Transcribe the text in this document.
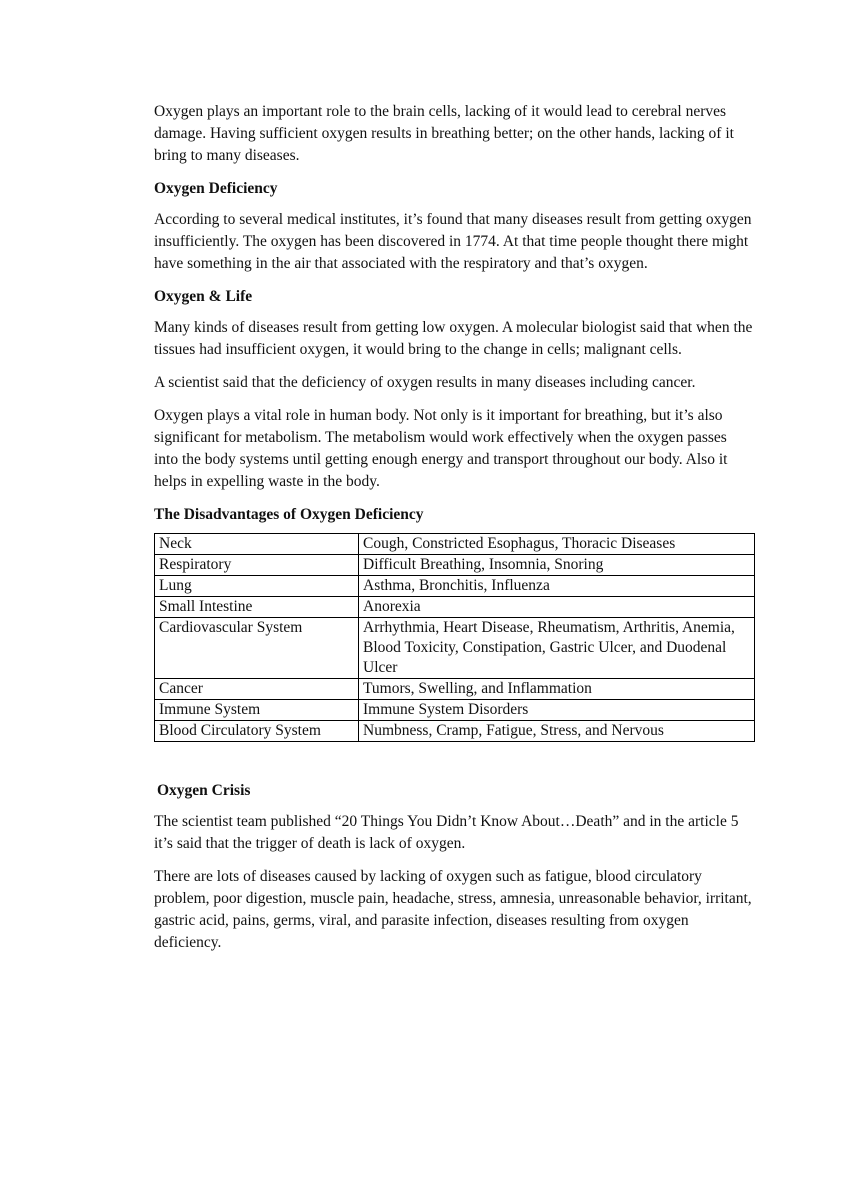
Oxygen plays an important role to the brain cells, lacking of it would lead to cerebral nerves damage. Having sufficient oxygen results in breathing better; on the other hands, lacking of it bring to many diseases.

Oxygen Deficiency

According to several medical institutes, it’s found that many diseases result from getting oxygen insufficiently. The oxygen has been discovered in 1774. At that time people thought there might have something in the air that associated with the respiratory and that’s oxygen.

Oxygen & Life

Many kinds of diseases result from getting low oxygen. A molecular biologist said that when the tissues had insufficient oxygen, it would bring to the change in cells; malignant cells.

A scientist said that the deficiency of oxygen results in many diseases including cancer.

Oxygen plays a vital role in human body. Not only is it important for breathing, but it’s also significant for metabolism. The metabolism would work effectively when the oxygen passes into the body systems until getting enough energy and transport throughout our body. Also it helps in expelling waste in the body.

The Disadvantages of Oxygen Deficiency
Neck	Cough, Constricted Esophagus, Thoracic Diseases
Respiratory	Difficult Breathing, Insomnia, Snoring
Lung	Asthma, Bronchitis, Influenza
Small Intestine	Anorexia
Cardiovascular System	Arrhythmia, Heart Disease, Rheumatism, Arthritis, Anemia, Blood Toxicity, Constipation, Gastric Ulcer, and Duodenal Ulcer
Cancer	Tumors, Swelling, and Inflammation
Immune System	Immune System Disorders
Blood Circulatory System	Numbness, Cramp, Fatigue, Stress, and Nervous
Oxygen Crisis

The scientist team published “20 Things You Didn’t Know About…Death” and in the article 5 it’s said that the trigger of death is lack of oxygen.

There are lots of diseases caused by lacking of oxygen such as fatigue, blood circulatory problem, poor digestion, muscle pain, headache, stress, amnesia, unreasonable behavior, irritant, gastric acid, pains, germs, viral, and parasite infection, diseases resulting from oxygen deficiency.
